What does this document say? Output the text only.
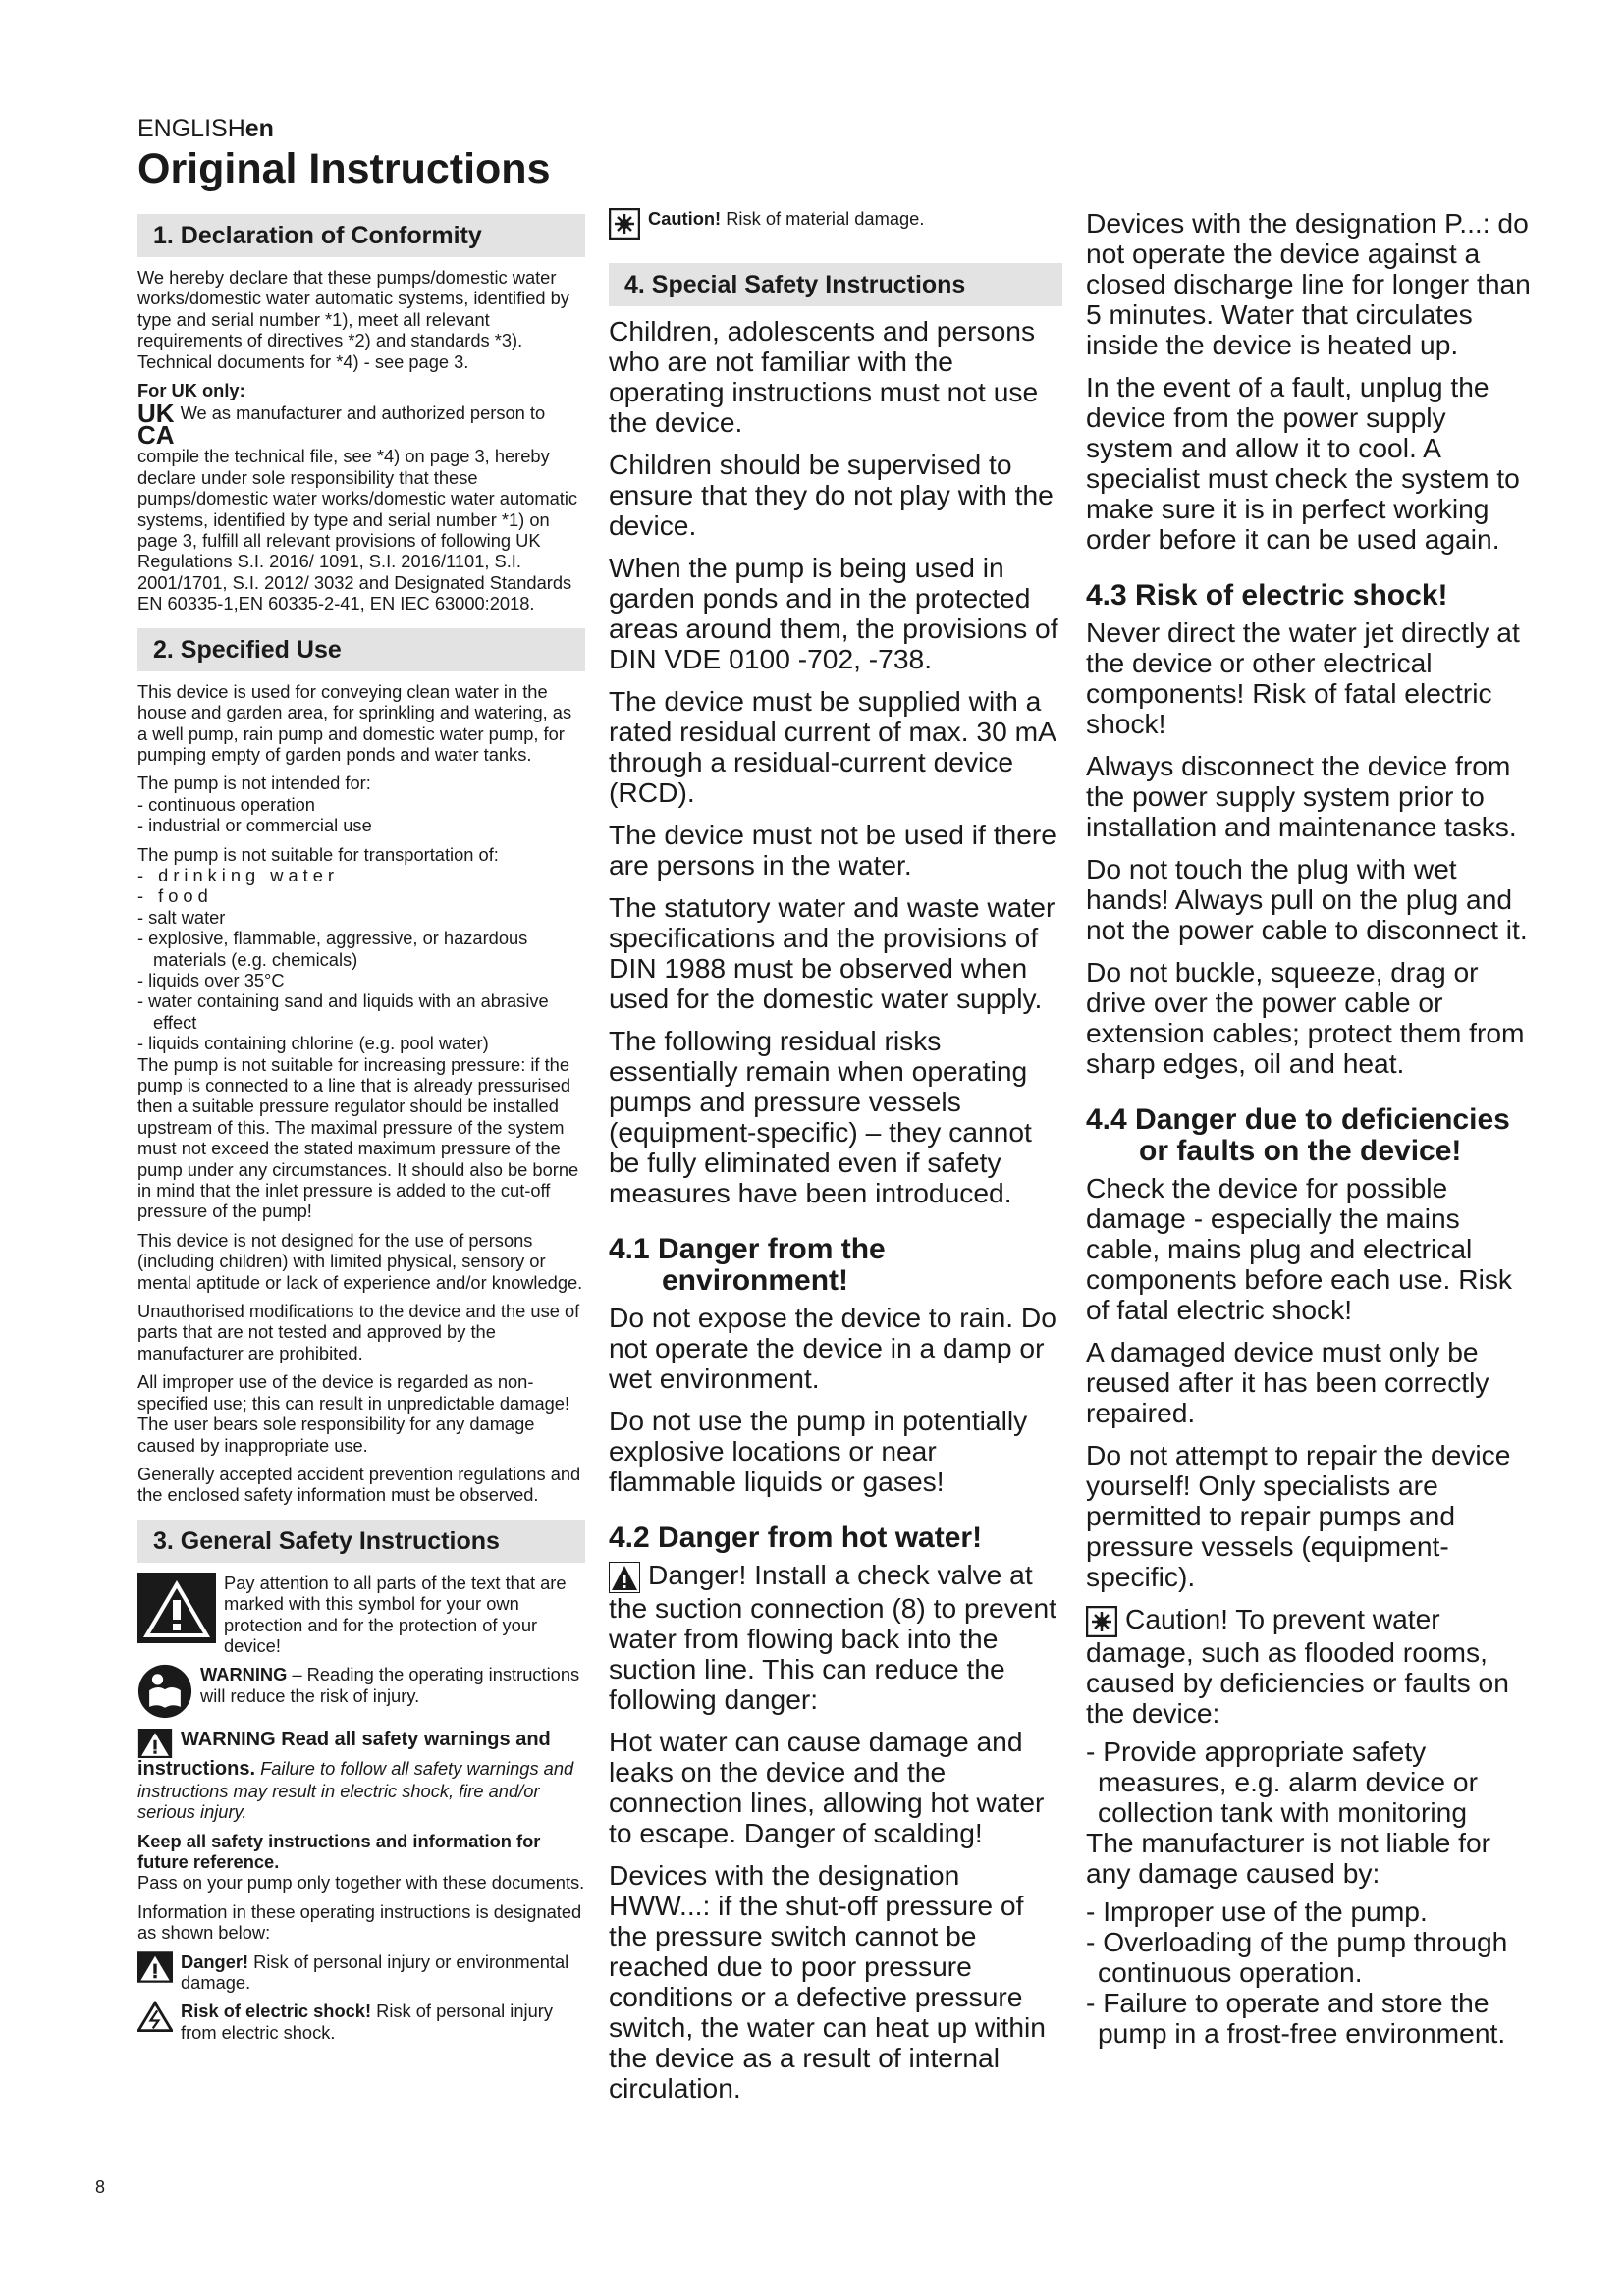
ENGLISHen
Original Instructions
1. Declaration of Conformity

We hereby declare that these pumps/domestic water works/domestic water automatic systems, identified by type and serial number *1), meet all relevant requirements of directives *2) and standards *3). Technical documents for *4) - see page 3.

For UK only:

UK
CA
We as manufacturer and authorized person to compile the technical file, see *4) on page 3, hereby declare under sole responsibility that these pumps/domestic water works/domestic water automatic systems, identified by type and serial number *1) on page 3, fulfill all relevant provisions of following UK Regulations S.I. 2016/ 1091, S.I. 2016/1101, S.I. 2001/1701, S.I. 2012/ 3032 and Designated Standards EN 60335-1,EN 60335-2-41, EN IEC 63000:2018.

2. Specified Use

This device is used for conveying clean water in the house and garden area, for sprinkling and watering, as a well pump, rain pump and domestic water pump, for pumping empty of garden ponds and water tanks.

The pump is not intended for:

- continuous operation
- industrial or commercial use

The pump is not suitable for transportation of:

- drinking water
- food
- salt water
- explosive, flammable, aggressive, or hazardous materials (e.g. chemicals)
- liquids over 35°C
- water containing sand and liquids with an abrasive effect
- liquids containing chlorine (e.g. pool water)

The pump is not suitable for increasing pressure: if the pump is connected to a line that is already pressurised then a suitable pressure regulator should be installed upstream of this. The maximal pressure of the system must not exceed the stated maximum pressure of the pump under any circumstances. It should also be borne in mind that the inlet pressure is added to the cut-off pressure of the pump!

This device is not designed for the use of persons (including children) with limited physical, sensory or mental aptitude or lack of experience and/or knowledge.

Unauthorised modifications to the device and the use of parts that are not tested and approved by the manufacturer are prohibited.

All improper use of the device is regarded as non-specified use; this can result in unpredictable damage! The user bears sole responsibility for any damage caused by inappropriate use.

Generally accepted accident prevention regulations and the enclosed safety information must be observed.

3. General Safety Instructions
Pay attention to all parts of the text that are marked with this symbol for your own protection and for the protection of your device!
WARNING – Reading the operating instructions will reduce the risk of injury.

WARNING Read all safety warnings and instructions. Failure to follow all safety warnings and instructions may result in electric shock, fire and/or serious injury.

Keep all safety instructions and information for future reference.
Pass on your pump only together with these documents.

Information in these operating instructions is designated as shown below:

Danger! Risk of personal injury or environmental damage.
Risk of electric shock! Risk of personal injury from electric shock.
Caution! Risk of material damage.
4. Special Safety Instructions

Children, adolescents and persons who are not familiar with the operating instructions must not use the device.

Children should be supervised to ensure that they do not play with the device.

When the pump is being used in garden ponds and in the protected areas around them, the provisions of DIN VDE 0100 -702, -738.

The device must be supplied with a rated residual current of max. 30 mA through a residual-current device (RCD).

The device must not be used if there are persons in the water.

The statutory water and waste water specifications and the provisions of DIN 1988 must be observed when used for the domestic water supply.

The following residual risks essentially remain when operating pumps and pressure vessels (equipment-specific) – they cannot be fully eliminated even if safety measures have been introduced.

4.1 Danger from the
environment!

Do not expose the device to rain. Do not operate the device in a damp or wet environment.

Do not use the pump in potentially explosive locations or near flammable liquids or gases!

4.2 Danger from hot water!

Danger! Install a check valve at the suction connection (8) to prevent water from flowing back into the suction line. This can reduce the following danger:

Hot water can cause damage and leaks on the device and the connection lines, allowing hot water to escape. Danger of scalding!

Devices with the designation HWW...: if the shut-off pressure of the pressure switch cannot be reached due to poor pressure conditions or a defective pressure switch, the water can heat up within the device as a result of internal circulation.

Devices with the designation P...: do not operate the device against a closed discharge line for longer than 5 minutes. Water that circulates inside the device is heated up.

In the event of a fault, unplug the device from the power supply system and allow it to cool. A specialist must check the system to make sure it is in perfect working order before it can be used again.

4.3 Risk of electric shock!

Never direct the water jet directly at the device or other electrical components! Risk of fatal electric shock!

Always disconnect the device from the power supply system prior to installation and maintenance tasks.

Do not touch the plug with wet hands! Always pull on the plug and not the power cable to disconnect it.

Do not buckle, squeeze, drag or drive over the power cable or extension cables; protect them from sharp edges, oil and heat.

4.4 Danger due to deficiencies
or faults on the device!

Check the device for possible damage - especially the mains cable, mains plug and electrical components before each use. Risk of fatal electric shock!

A damaged device must only be reused after it has been correctly repaired.

Do not attempt to repair the device yourself! Only specialists are permitted to repair pumps and pressure vessels (equipment-specific).

Caution! To prevent water damage, such as flooded rooms, caused by deficiencies or faults on the device:

- Provide appropriate safety measures, e.g. alarm device or collection tank with monitoring

The manufacturer is not liable for any damage caused by:

- Improper use of the pump.
- Overloading of the pump through continuous operation.
- Failure to operate and store the pump in a frost-free environment.
8
